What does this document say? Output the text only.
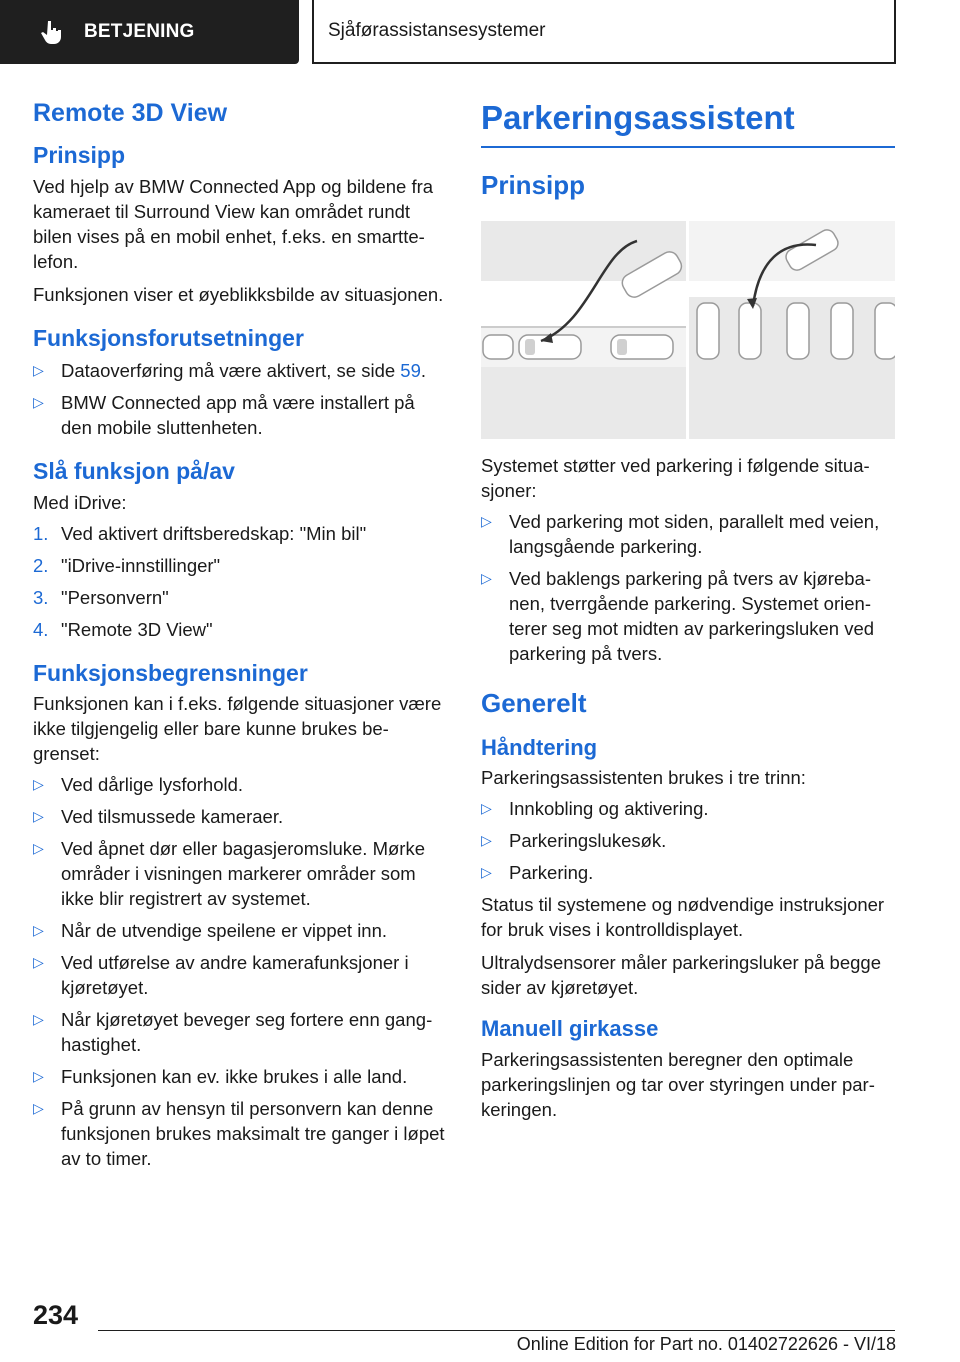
BETJENING	Sjåførassistansesystemer
Remote 3D View
Prinsipp

Ved hjelp av BMW Connected App og bildene fra kameraet til Surround View kan området rundt bilen vises på en mobil enhet, f.eks. en smarttelefon.

Funksjonen viser et øyeblikksbilde av situasjonen.

Funksjonsforutsetninger
▷ Dataoverføring må være aktivert, se side 59.
▷ BMW Connected app må være installert på den mobile sluttenheten.
Slå funksjon på/av

Med iDrive:

1. Ved aktivert driftsberedskap: "Min bil"
2. "iDrive-innstillinger"
3. "Personvern"
4. "Remote 3D View"
Funksjonsbegrensninger

Funksjonen kan i f.eks. følgende situasjoner være ikke tilgjengelig eller bare kunne brukes begrenset:

▷ Ved dårlige lysforhold.
▷ Ved tilsmussede kameraer.
▷ Ved åpnet dør eller bagasjeromsluke. Mørke områder i visningen markerer områder som ikke blir registrert av systemet.
▷ Når de utvendige speilene er vippet inn.
▷ Ved utførelse av andre kamerafunksjoner i kjøretøyet.
▷ Når kjøretøyet beveger seg fortere enn ganghastighet.
▷ Funksjonen kan ev. ikke brukes i alle land.
▷ På grunn av hensyn til personvern kan denne funksjonen brukes maksimalt tre ganger i løpet av to timer.
Parkeringsassistent
Prinsipp

Systemet støtter ved parkering i følgende situasjoner:

▷ Ved parkering mot siden, parallelt med veien, langsgående parkering.
▷ Ved baklengs parkering på tvers av kjørebanen, tverrgående parkering. Systemet orienterer seg mot midten av parkeringsluken ved parkering på tvers.
Generelt
Håndtering

Parkeringsassistenten brukes i tre trinn:

▷ Innkobling og aktivering.
▷ Parkeringslukesøk.
▷ Parkering.

Status til systemene og nødvendige instruksjoner for bruk vises i kontrolldisplayet.

Ultralydsensorer måler parkeringsluker på begge sider av kjøretøyet.

Manuell girkasse

Parkeringsassistenten beregner den optimale parkeringslinjen og tar over styringen under parkeringen.

234
Online Edition for Part no. 01402722626 - VI/18
